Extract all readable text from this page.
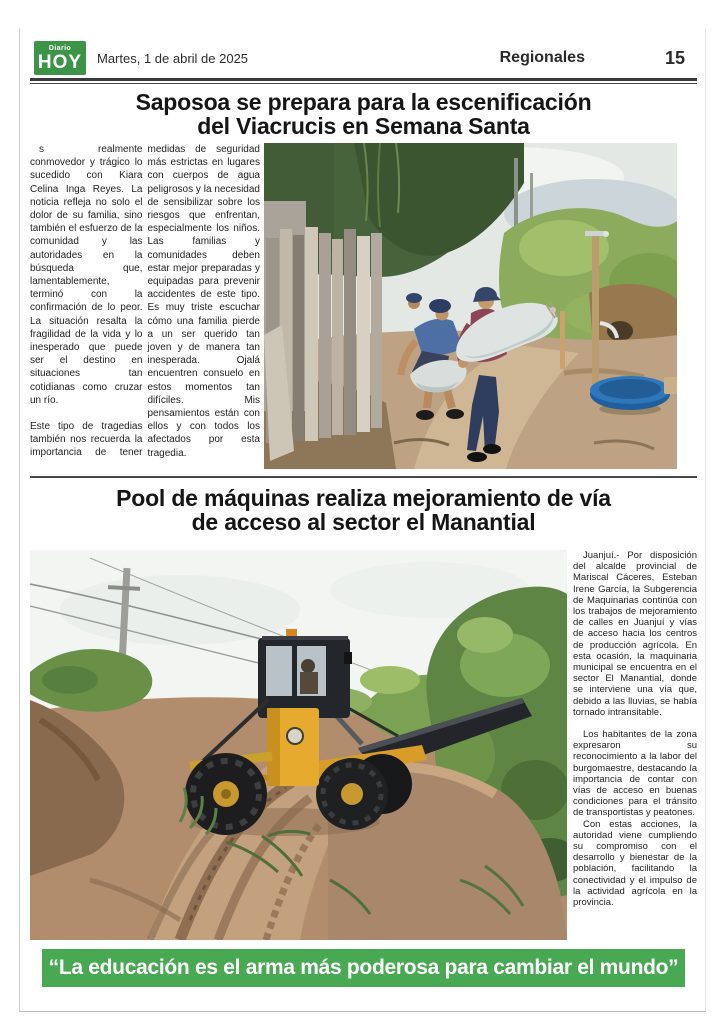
Diario
HOY Martes, 1 de abril de 2025	Regionales	15
Saposoa se prepara para la escenificación
del Viacrucis en Semana Santa

s realmente conmovedor y trágico lo sucedido con Kiara Celina Inga Reyes. La noticia refleja no solo el dolor de su familia, sino también el esfuerzo de la comunidad y las autoridades en la búsqueda que, lamentablemente, terminó con la confirmación de lo peor. La situación resalta la fragilidad de la vida y lo inesperado que puede ser el destino en situaciones tan cotidianas como cruzar un río.

Este tipo de tragedias también nos recuerda la importancia de tener medidas de seguridad más estrictas en lugares con cuerpos de agua peligrosos y la necesidad de sensibilizar sobre los riesgos que enfrentan, especialmente los niños. Las familias y comunidades deben estar mejor preparadas y equipadas para prevenir accidentes de este tipo. Es muy triste escuchar cómo una familia pierde a un ser querido tan joven y de manera tan inesperada. Ojalá encuentren consuelo en estos momentos tan difíciles. Mis pensamientos están con ellos y con todos los afectados por esta tragedia.

Pool de máquinas realiza mejoramiento de vía
de acceso al sector el Manantial

Juanjuí.- Por disposición del alcalde provincial de Mariscal Cáceres, Esteban Irene García, la Subgerencia de Maquinarias continúa con los trabajos de mejoramiento de calles en Juanjuí y vías de acceso hacia los centros de producción agrícola. En esta ocasión, la maquinaria municipal se encuentra en el sector El Manantial, donde se interviene una vía que, debido a las lluvias, se había tornado intransitable.

Los habitantes de la zona expresaron su reconocimiento a la labor del burgomaestre, destacando la importancia de contar con vías de acceso en buenas condiciones para el tránsito de transportistas y peatones.

Con estas acciones, la autoridad viene cumpliendo su compromiso con el desarrollo y bienestar de la población, facilitando la conectividad y el impulso de la actividad agrícola en la provincia.

“La educación es el arma más poderosa para cambiar el mundo”
